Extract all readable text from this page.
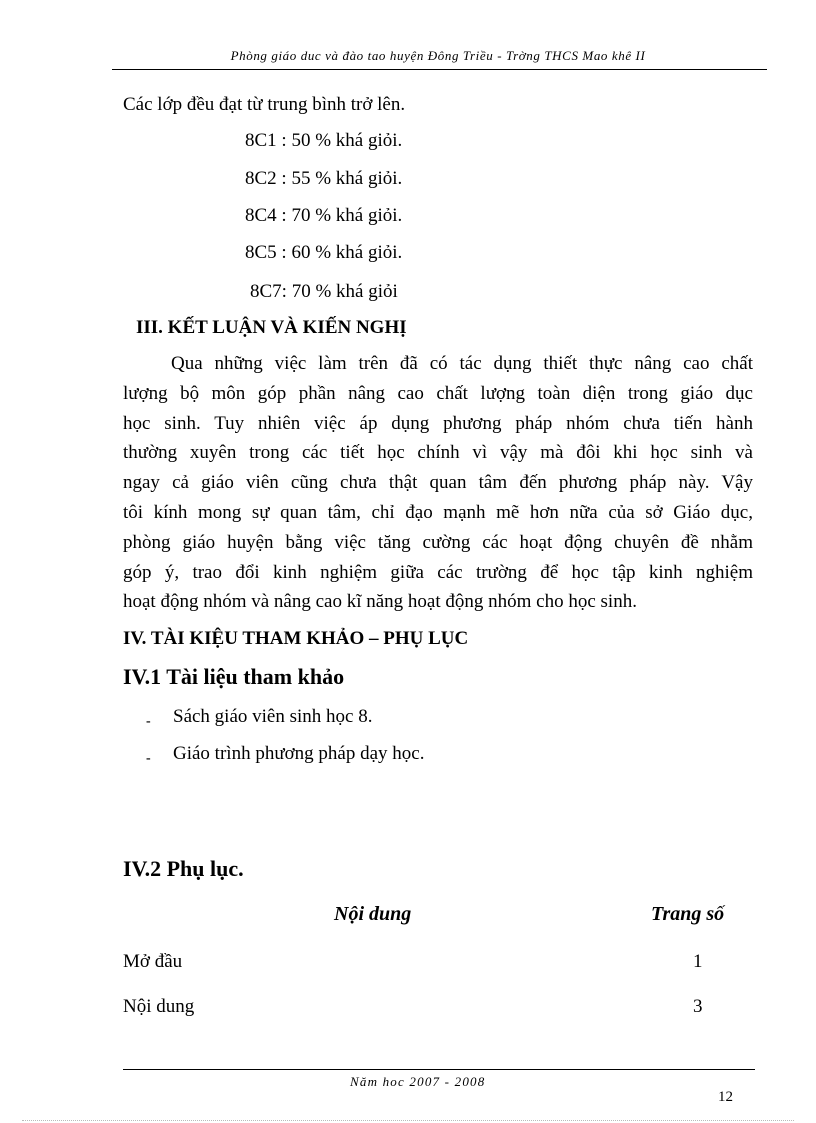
Phòng giáo duc và đào tao huyện Đông Triều - Trờng THCS Mao khê II
Các lớp đều đạt từ trung bình trở lên.
8C1 : 50 % khá giỏi.
8C2 : 55 % khá giỏi.
8C4 : 70 % khá giỏi.
8C5 : 60 % khá giỏi.
8C7: 70 % khá giỏi
III. KẾT LUẬN VÀ KIẾN NGHỊ
Qua những việc làm trên đã có tác dụng thiết thực nâng cao chất
lượng bộ môn góp phần nâng cao chất lượng toàn diện trong giáo dục
học sinh. Tuy nhiên việc áp dụng phương pháp nhóm chưa tiến hành
thường xuyên trong các tiết học chính vì vậy mà đôi khi học sinh và
ngay cả giáo viên cũng chưa thật quan tâm đến phương pháp này. Vậy
tôi kính mong sự quan tâm, chỉ đạo mạnh mẽ hơn nữa của sở Giáo dục,
phòng giáo huyện bằng việc tăng cường các hoạt động chuyên đề nhằm
góp ý, trao đổi kinh nghiệm giữa các trường để học tập kinh nghiệm
hoạt động nhóm và nâng cao kĩ năng hoạt động nhóm cho học sinh.
IV. TÀI KIỆU THAM KHẢO – PHỤ LỤC
IV.1 Tài liệu tham khảo
- Sách giáo viên sinh học 8.
- Giáo trình phương pháp dạy học.
IV.2 Phụ lục.
Nội dung	Trang số
Mở đầu	1
Nội dung	3
Năm hoc 2007 - 2008
12
